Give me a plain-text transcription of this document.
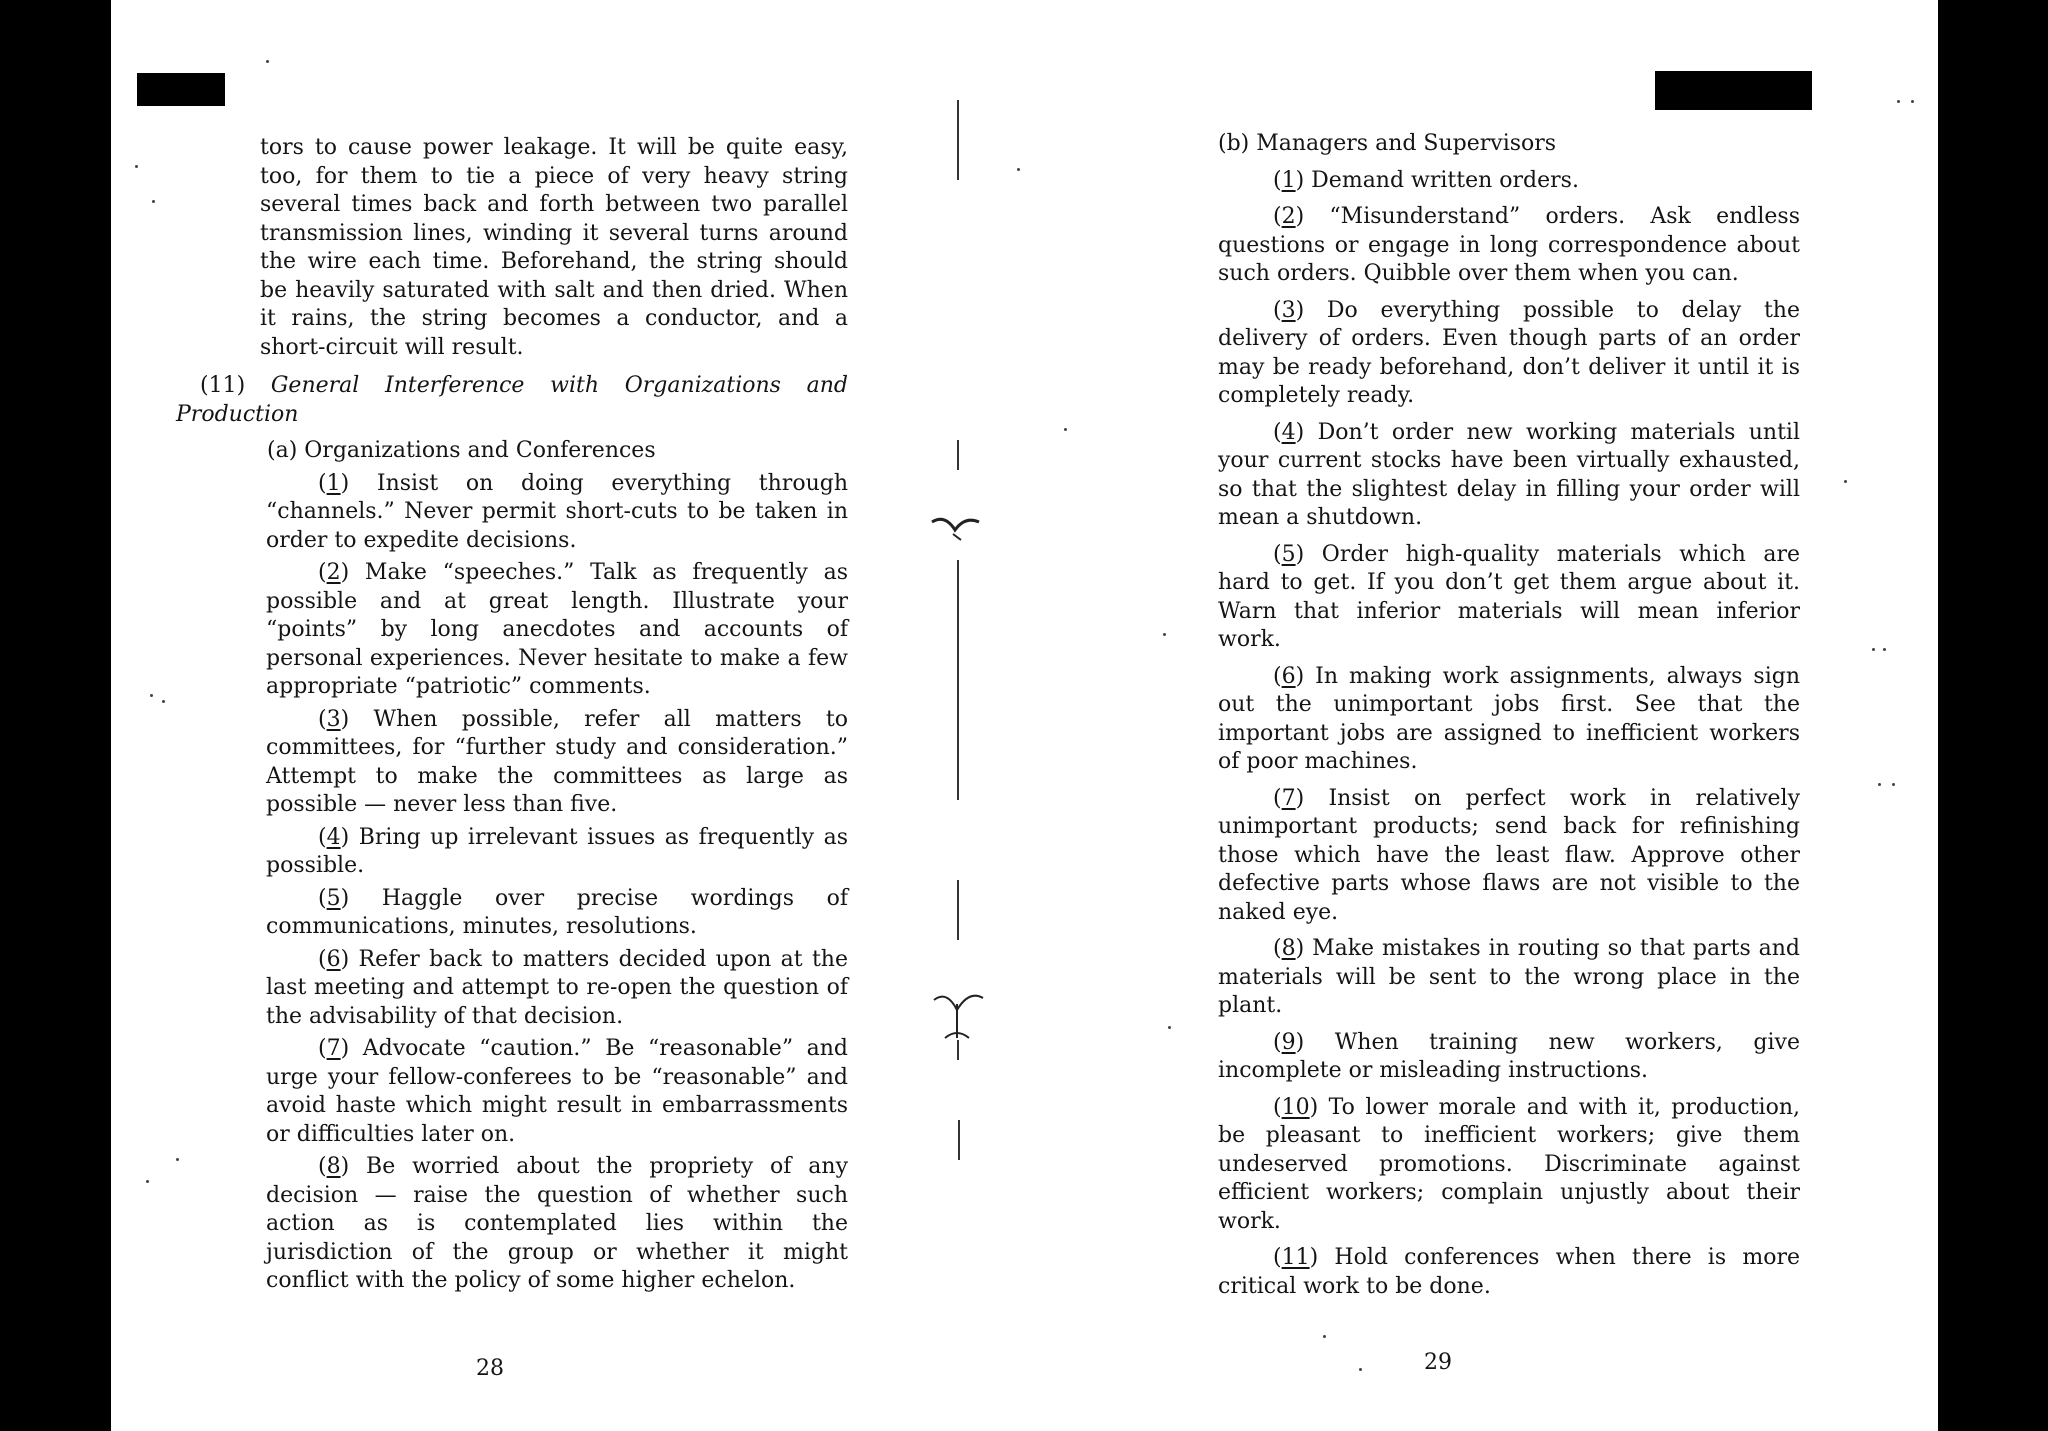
tors to cause power leakage. It will be quite easy, too, for them to tie a piece of very heavy string several times back and forth between two parallel transmission lines, winding it several turns around the wire each time. Beforehand, the string should be heavily saturated with salt and then dried. When it rains, the string becomes a conductor, and a short-circuit will result.

(11) General Interference with Organizations and Production

(a) Organizations and Conferences

(1) Insist on doing everything through “channels.” Never permit short-cuts to be taken in order to expedite decisions.

(2) Make “speeches.” Talk as frequently as possible and at great length. Illustrate your “points” by long anecdotes and accounts of personal experiences. Never hesitate to make a few appropriate “patriotic” comments.

(3) When possible, refer all matters to committees, for “further study and consideration.” Attempt to make the committees as large as possible — never less than five.

(4) Bring up irrelevant issues as frequently as possible.

(5) Haggle over precise wordings of communications, minutes, resolutions.

(6) Refer back to matters decided upon at the last meeting and attempt to re-open the question of the advisability of that decision.

(7) Advocate “caution.” Be “reasonable” and urge your fellow-conferees to be “reasonable” and avoid haste which might result in embarrassments or difficulties later on.

(8) Be worried about the propriety of any decision — raise the question of whether such action as is contemplated lies within the jurisdiction of the group or whether it might conflict with the policy of some higher echelon.

28

(b) Managers and Supervisors

(1) Demand written orders.

(2) “Misunderstand” orders. Ask endless questions or engage in long correspondence about such orders. Quibble over them when you can.

(3) Do everything possible to delay the delivery of orders. Even though parts of an order may be ready beforehand, don’t deliver it until it is completely ready.

(4) Don’t order new working materials until your current stocks have been virtually exhausted, so that the slightest delay in filling your order will mean a shutdown.

(5) Order high-quality materials which are hard to get. If you don’t get them argue about it. Warn that inferior materials will mean inferior work.

(6) In making work assignments, always sign out the unimportant jobs first. See that the important jobs are assigned to inefficient workers of poor machines.

(7) Insist on perfect work in relatively unimportant products; send back for refinishing those which have the least flaw. Approve other defective parts whose flaws are not visible to the naked eye.

(8) Make mistakes in routing so that parts and materials will be sent to the wrong place in the plant.

(9) When training new workers, give incomplete or misleading instructions.

(10) To lower morale and with it, production, be pleasant to inefficient workers; give them undeserved promotions. Discriminate against efficient workers; complain unjustly about their work.

(11) Hold conferences when there is more critical work to be done.

29
